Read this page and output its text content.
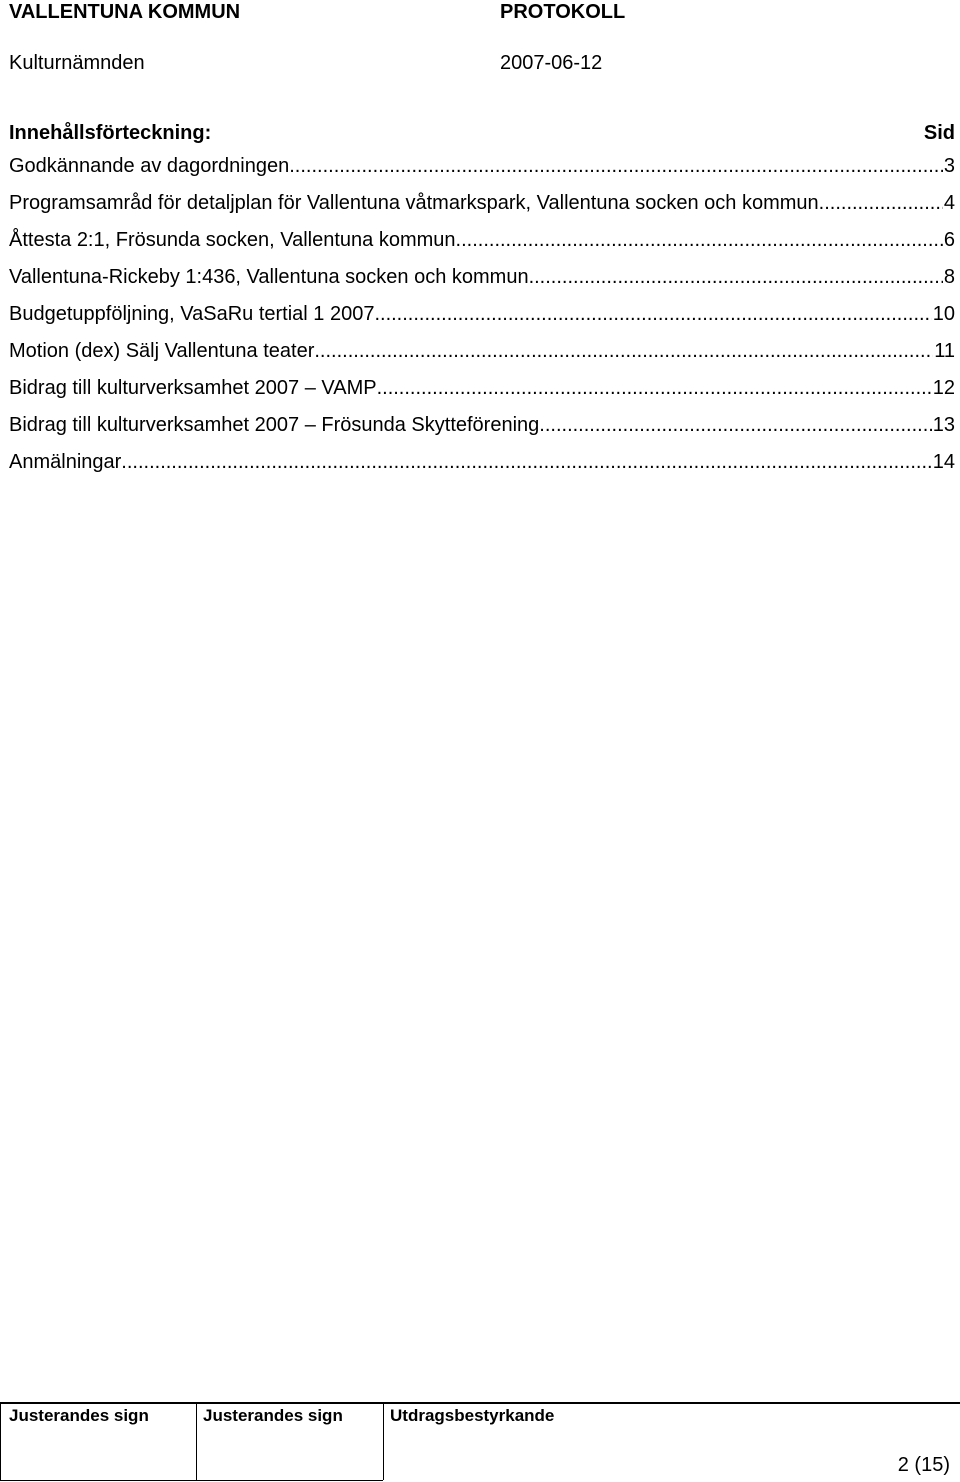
VALLENTUNA KOMMUN	PROTOKOLL
Kulturnämnden	2007-06-12
Innehållsförteckning:	Sid
Godkännande av dagordningen .....	3
Programsamråd för detaljplan för Vallentuna våtmarkspark, Vallentuna socken och kommun. .....	4
Åttesta 2:1, Frösunda socken, Vallentuna kommun .....	6
Vallentuna-Rickeby 1:436, Vallentuna socken och kommun .....	8
Budgetuppföljning, VaSaRu tertial 1 2007 .....	10
Motion (dex) Sälj Vallentuna teater .....	11
Bidrag till kulturverksamhet 2007 – VAMP .....	12
Bidrag till kulturverksamhet 2007 – Frösunda Skytteförening .....	13
Anmälningar .....	14
Justerandes sign	Justerandes sign	Utdragsbestyrkande
2 (15)
